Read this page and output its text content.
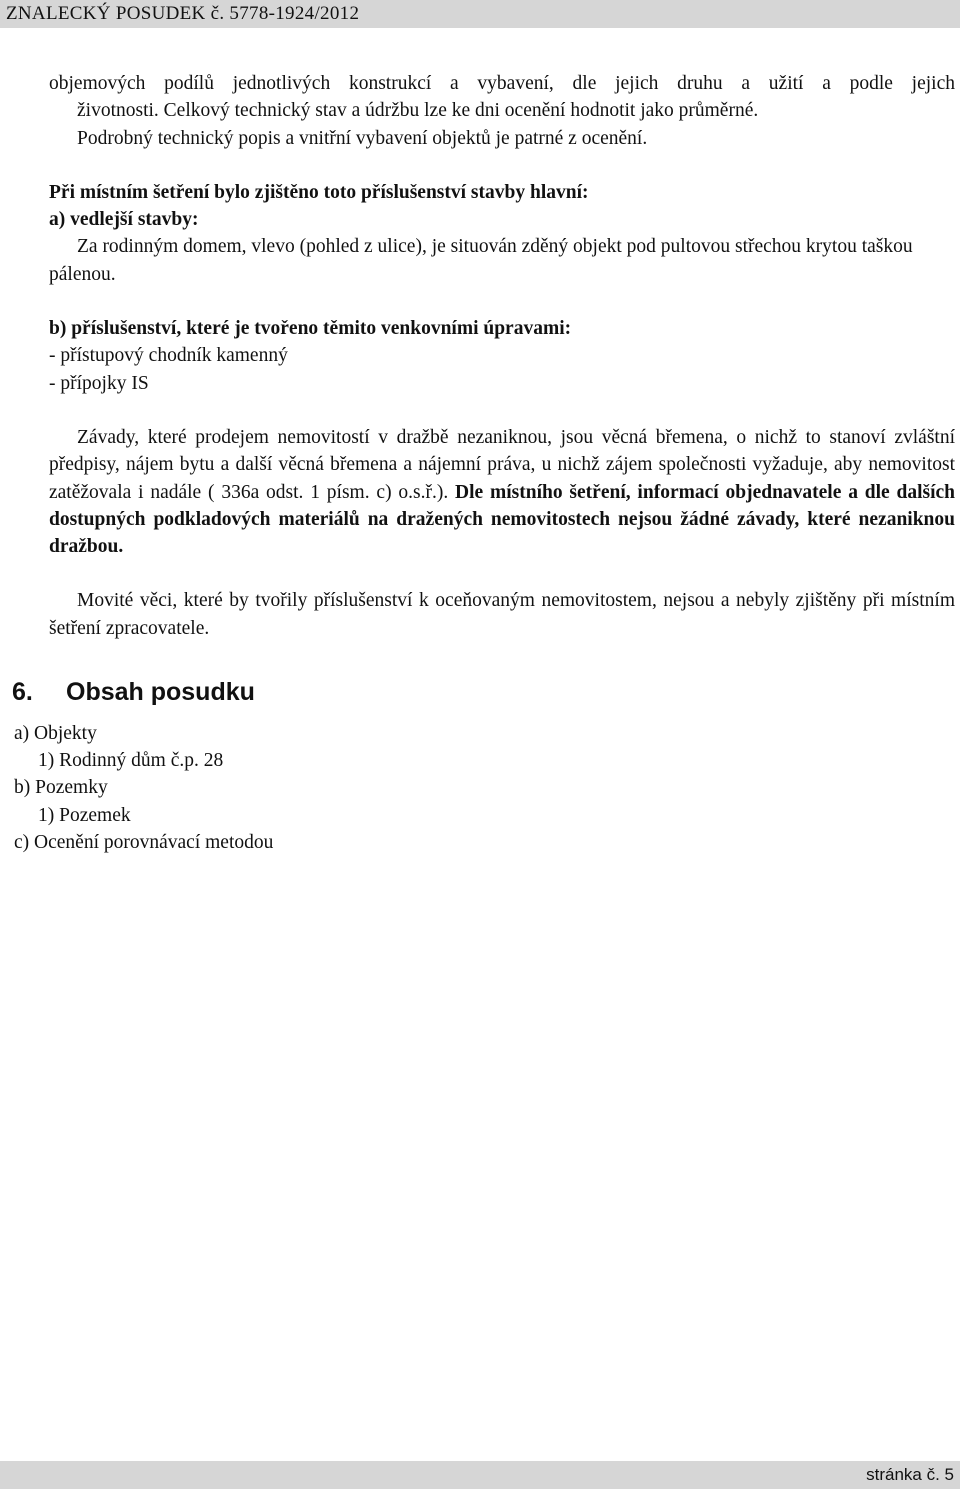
ZNALECKÝ POSUDEK č. 5778-1924/2012

objemových podílů jednotlivých konstrukcí a vybavení, dle jejich druhu a užití a podle jejich

životnosti. Celkový technický stav a údržbu lze ke dni ocenění hodnotit jako průměrné.

Podrobný technický popis a vnitřní vybavení objektů je patrné z ocenění.

Při místním šetření bylo zjištěno toto příslušenství stavby hlavní:

a) vedlejší stavby:

Za rodinným domem, vlevo (pohled z ulice), je situován zděný objekt pod pultovou střechou krytou taškou pálenou.

b) příslušenství, které je tvořeno těmito venkovními úpravami:

- přístupový chodník kamenný

- přípojky IS

Závady, které prodejem nemovitostí v dražbě nezaniknou, jsou věcná břemena, o nichž to stanoví zvláštní předpisy, nájem bytu a další věcná břemena a nájemní práva, u nichž zájem společnosti vyžaduje, aby nemovitost zatěžovala i nadále ( 336a odst. 1 písm. c) o.s.ř.). Dle místního šetření, informací objednavatele a dle dalších dostupných podkladových materiálů na dražených nemovitostech nejsou žádné závady, které nezaniknou dražbou.

Movité věci, které by tvořily příslušenství k oceňovaným nemovitostem, nejsou a nebyly zjištěny při místním šetření zpracovatele.

6. Obsah posudku
a) Objekty
1) Rodinný dům č.p. 28
b) Pozemky
1) Pozemek
c) Ocenění porovnávací metodou
stránka č. 5
